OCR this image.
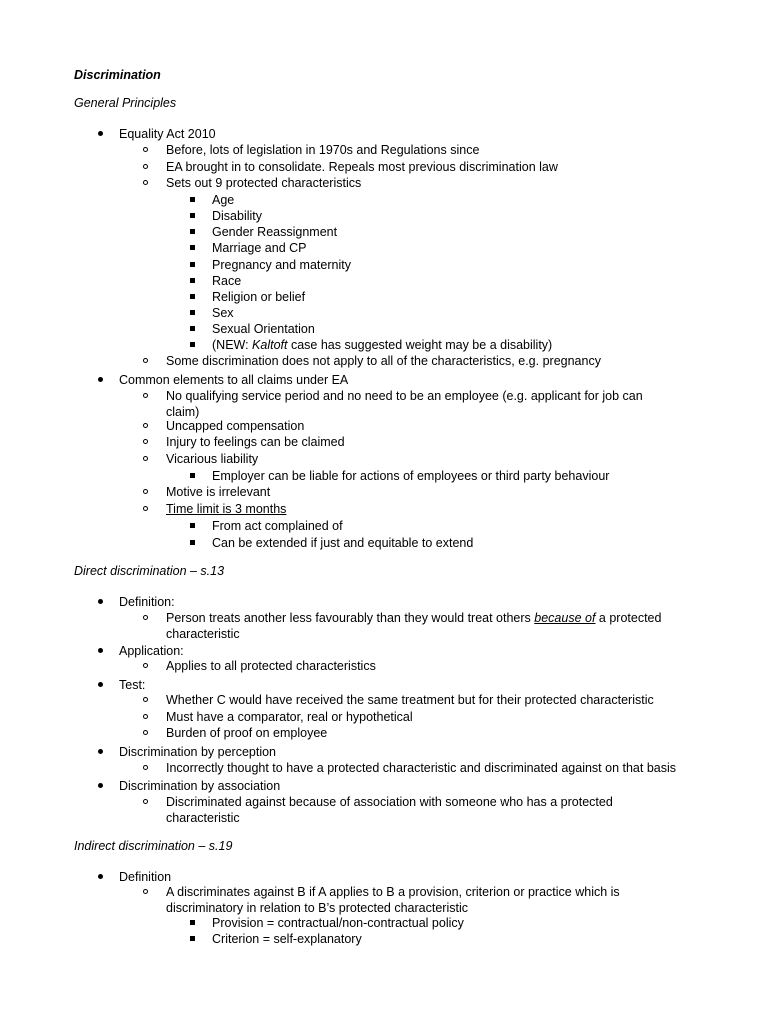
Discrimination
General Principles
Equality Act 2010
Before, lots of legislation in 1970s and Regulations since
EA brought in to consolidate. Repeals most previous discrimination law
Sets out 9 protected characteristics
Age
Disability
Gender Reassignment
Marriage and CP
Pregnancy and maternity
Race
Religion or belief
Sex
Sexual Orientation
(NEW: Kaltoft case has suggested weight may be a disability)
Some discrimination does not apply to all of the characteristics, e.g. pregnancy
Common elements to all claims under EA
No qualifying service period and no need to be an employee (e.g. applicant for job can
claim)
Uncapped compensation
Injury to feelings can be claimed
Vicarious liability
Employer can be liable for actions of employees or third party behaviour
Motive is irrelevant
Time limit is 3 months
From act complained of
Can be extended if just and equitable to extend
Direct discrimination – s.13
Definition:
Person treats another less favourably than they would treat others because of a protected
characteristic
Application:
Applies to all protected characteristics
Test:
Whether C would have received the same treatment but for their protected characteristic
Must have a comparator, real or hypothetical
Burden of proof on employee
Discrimination by perception
Incorrectly thought to have a protected characteristic and discriminated against on that basis
Discrimination by association
Discriminated against because of association with someone who has a protected
characteristic
Indirect discrimination – s.19
Definition
A discriminates against B if A applies to B a provision, criterion or practice which is
discriminatory in relation to B’s protected characteristic
Provision = contractual/non-contractual policy
Criterion = self-explanatory
